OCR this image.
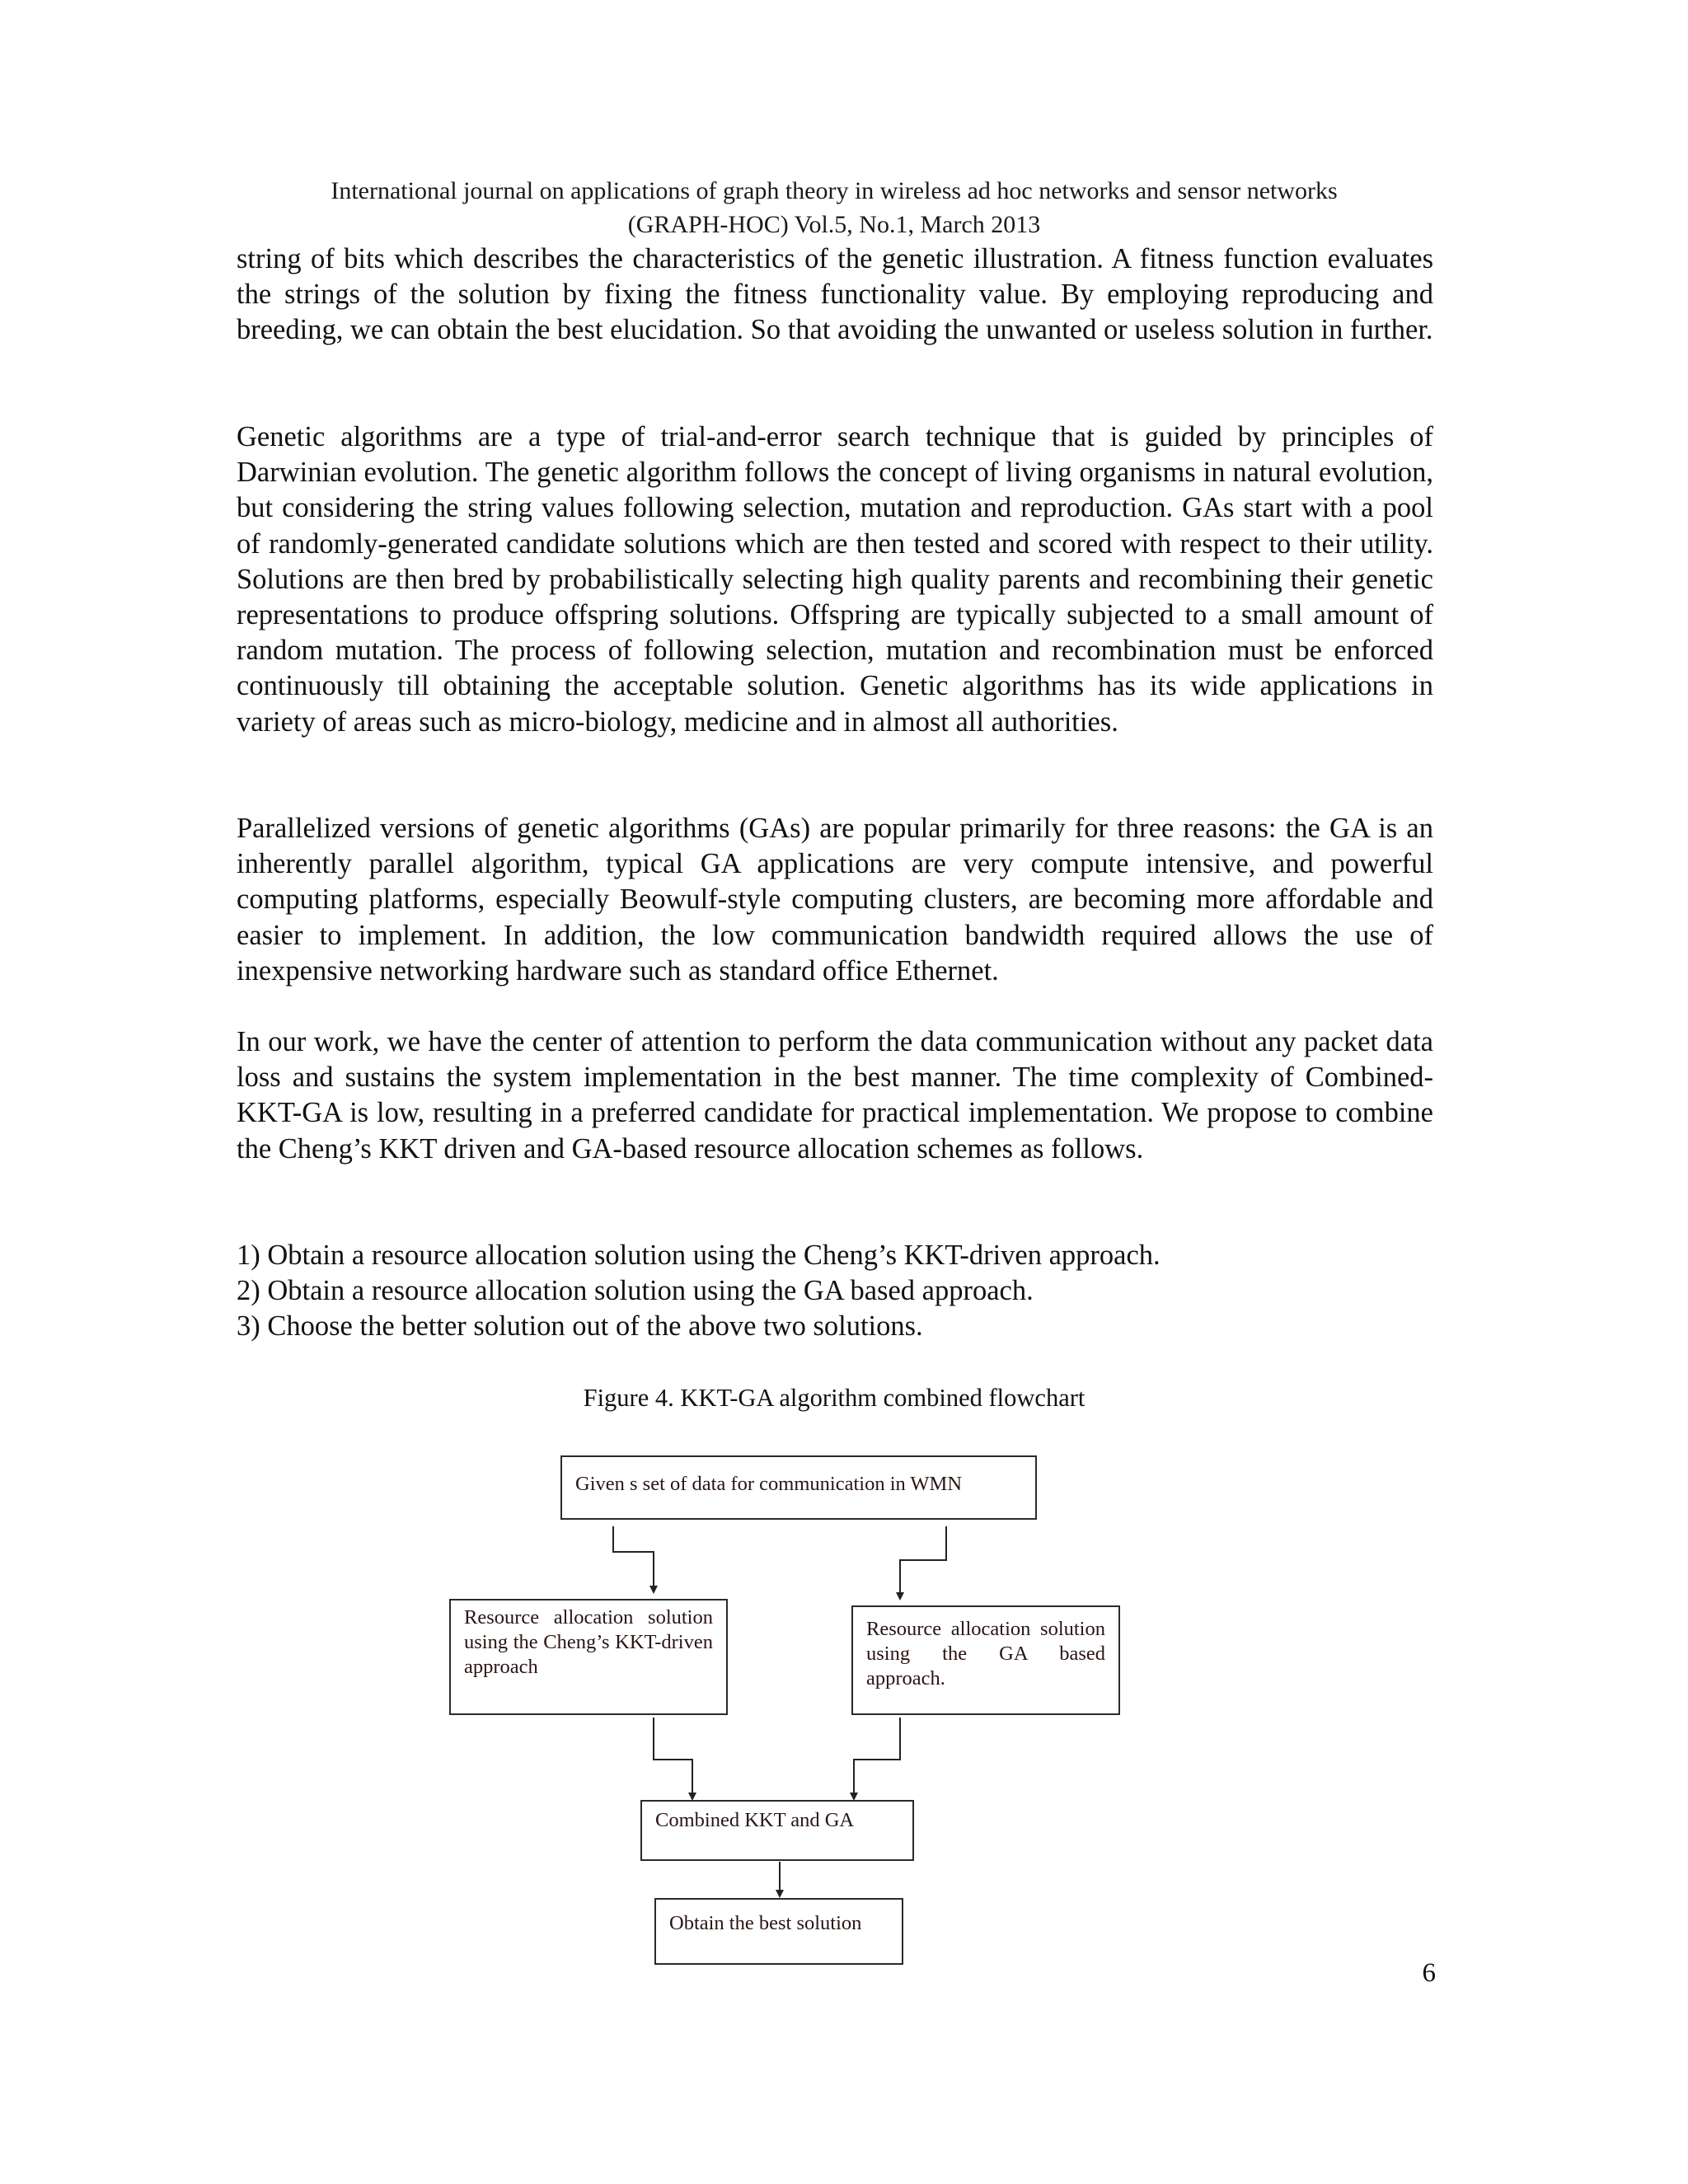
International journal on applications of graph theory in wireless ad hoc networks and sensor networks
(GRAPH-HOC) Vol.5, No.1, March 2013

string of bits which describes the characteristics of the genetic illustration. A fitness function evaluates the strings of the solution by fixing the fitness functionality value. By employing reproducing and breeding, we can obtain the best elucidation. So that avoiding the unwanted or useless solution in further.

Genetic algorithms are a type of trial-and-error search technique that is guided by principles of Darwinian evolution. The genetic algorithm follows the concept of living organisms in natural evolution, but considering the string values following selection, mutation and reproduction. GAs start with a pool of randomly-generated candidate solutions which are then tested and scored with respect to their utility. Solutions are then bred by probabilistically selecting high quality parents and recombining their genetic representations to produce offspring solutions. Offspring are typically subjected to a small amount of random mutation. The process of following selection, mutation and recombination must be enforced continuously till obtaining the acceptable solution. Genetic algorithms has its wide applications in variety of areas such as micro-biology, medicine and in almost all authorities.

Parallelized versions of genetic algorithms (GAs) are popular primarily for three reasons: the GA is an inherently parallel algorithm, typical GA applications are very compute intensive, and powerful computing platforms, especially Beowulf-style computing clusters, are becoming more affordable and easier to implement. In addition, the low communication bandwidth required allows the use of inexpensive networking hardware such as standard office Ethernet.

In our work, we have the center of attention to perform the data communication without any packet data loss and sustains the system implementation in the best manner. The time complexity of Combined-KKT-GA is low, resulting in a preferred candidate for practical implementation. We propose to combine the Cheng’s KKT driven and GA-based resource allocation schemes as follows.

1) Obtain a resource allocation solution using the Cheng’s KKT-driven approach.

2) Obtain a resource allocation solution using the GA based approach.

3) Choose the better solution out of the above two solutions.

Figure 4. KKT-GA algorithm combined flowchart
Given s set of data for communication in WMN
Resource allocation solution using the Cheng’s KKT-driven approach
Resource allocation solution using the GA based approach.
Combined KKT and GA
Obtain the best solution
6
